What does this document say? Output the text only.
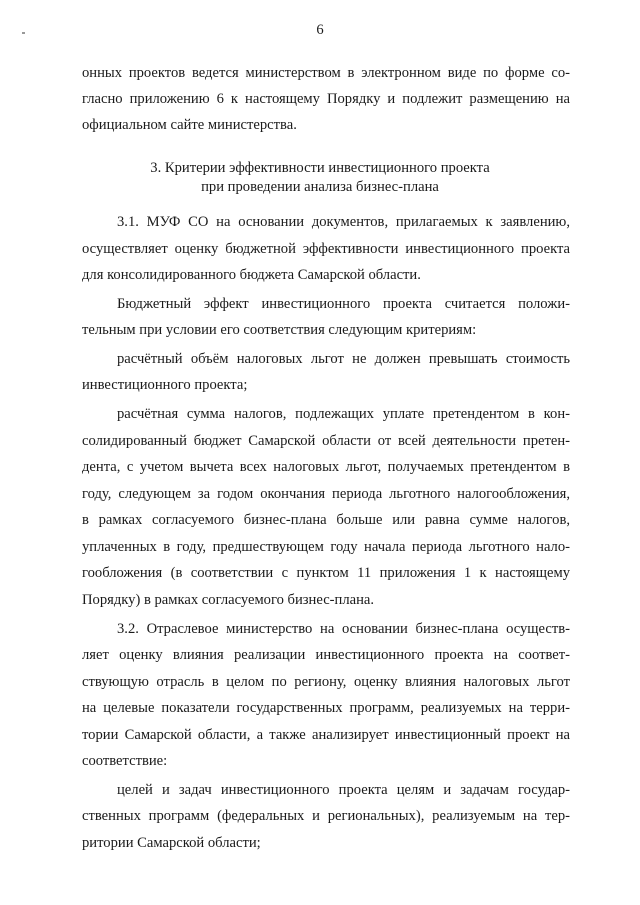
6
онных проектов ведется министерством в электронном виде по форме со-
гласно приложению 6 к настоящему Порядку и подлежит размещению на
официальном сайте министерства.
3. Критерии эффективности инвестиционного проекта
при проведении анализа бизнес-плана
3.1. МУФ СО на основании документов, прилагаемых к заявлению,
осуществляет оценку бюджетной эффективности инвестиционного проекта
для консолидированного бюджета Самарской области.
Бюджетный эффект инвестиционного проекта считается положи-
тельным при условии его соответствия следующим критериям:
расчётный объём налоговых льгот не должен превышать стоимость
инвестиционного проекта;
расчётная сумма налогов, подлежащих уплате претендентом в кон-
солидированный бюджет Самарской области от всей деятельности претен-
дента, с учетом вычета всех налоговых льгот, получаемых претендентом в
году, следующем за годом окончания периода льготного налогообложения,
в рамках согласуемого бизнес-плана больше или равна сумме налогов,
уплаченных в году, предшествующем году начала периода льготного нало-
гообложения (в соответствии с пунктом 11 приложения 1 к настоящему
Порядку) в рамках согласуемого бизнес-плана.
3.2. Отраслевое министерство на основании бизнес-плана осуществ-
ляет оценку влияния реализации инвестиционного проекта на соответ-
ствующую отрасль в целом по региону, оценку влияния налоговых льгот
на целевые показатели государственных программ, реализуемых на терри-
тории Самарской области, а также анализирует инвестиционный проект на
соответствие:
целей и задач инвестиционного проекта целям и задачам государ-
ственных программ (федеральных и региональных), реализуемым на тер-
ритории Самарской области;
